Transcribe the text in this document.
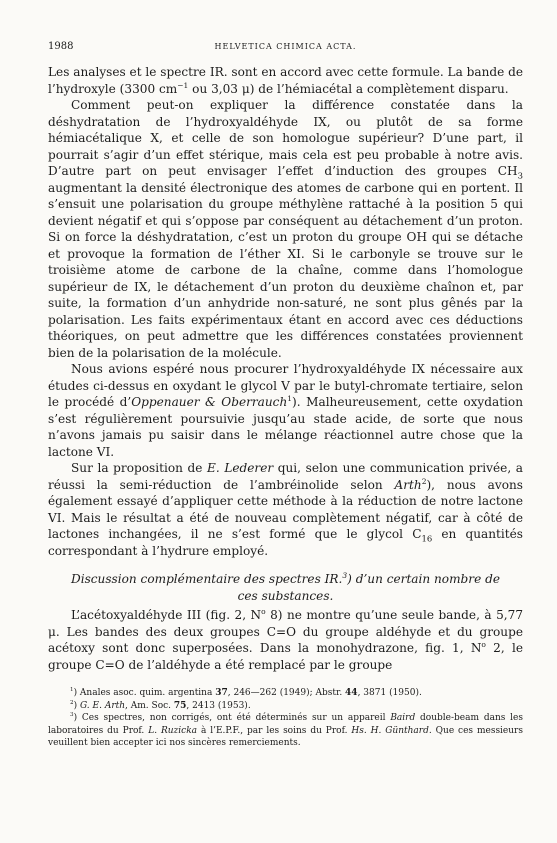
1988	HELVETICA CHIMICA ACTA.

Les analyses et le spectre IR. sont en accord avec cette formule. La bande de l’hydroxyle (3300 $cm^{-1}$ ou 3,03 μ) de l’hémiacétal a complètement disparu.

Comment peut-on expliquer la différence constatée dans la déshydratation de l’hydroxyaldéhyde IX, ou plutôt de sa forme hémiacétalique X, et celle de son homologue supérieur? D’une part, il pourrait s’agir d’un effet stérique, mais cela est peu probable à notre avis. D’autre part on peut envisager l’effet d’induction des groupes $CH_3$ augmentant la densité électronique des atomes de carbone qui en portent. Il s’ensuit une polarisation du groupe méthylène rattaché à la position 5 qui devient négatif et qui s’oppose par conséquent au détachement d’un proton. Si on force la déshydratation, c’est un proton du groupe OH qui se détache et provoque la formation de l’éther XI. Si le carbonyle se trouve sur le troisième atome de carbone de la chaîne, comme dans l’homologue supérieur de IX, le détachement d’un proton du deuxième chaînon et, par suite, la formation d’un anhydride non-saturé, ne sont plus gênés par la polarisation. Les faits expérimentaux étant en accord avec ces déductions théoriques, on peut admettre que les différences constatées proviennent bien de la polarisation de la molécule.

Nous avions espéré nous procurer l’hydroxyaldéhyde IX nécessaire aux études ci-dessus en oxydant le glycol V par le butyl-chromate tertiaire, selon le procédé d’Oppenauer & Oberrauch$^1$). Malheureusement, cette oxydation s’est régulièrement poursuivie jusqu’au stade acide, de sorte que nous n’avons jamais pu saisir dans le mélange réactionnel autre chose que la lactone VI.

Sur la proposition de E. Lederer qui, selon une communication privée, a réussi la semi-réduction de l’ambréinolide selon Arth$^2$), nous avons également essayé d’appliquer cette méthode à la réduction de notre lactone VI. Mais le résultat a été de nouveau complètement négatif, car à côté de lactones inchangées, il ne s’est formé que le glycol $C_{16}$ en quantités correspondant à l’hydrure employé.

Discussion complémentaire des spectres IR.$^3$) d’un certain nombre de ces substances.

L’acétoxyaldéhyde III (fig. 2, $N^o$ 8) ne montre qu’une seule bande, à 5,77 μ. Les bandes des deux groupes C=O du groupe aldéhyde et du groupe acétoxy sont donc superposées. Dans la monohydrazone, fig. 1, $N^o$ 2, le groupe C=O de l’aldéhyde a été remplacé par le groupe

$^1$) Anales asoc. quim. argentina 37, 246—262 (1949); Abstr. 44, 3871 (1950).

$^2$) G. E. Arth, Am. Soc. 75, 2413 (1953).

$^3$) Ces spectres, non corrigés, ont été déterminés sur un appareil Baird double-beam dans les laboratoires du Prof. L. Ruzicka à l’E.P.F., par les soins du Prof. Hs. H. Günthard. Que ces messieurs veuillent bien accepter ici nos sincères remerciements.
